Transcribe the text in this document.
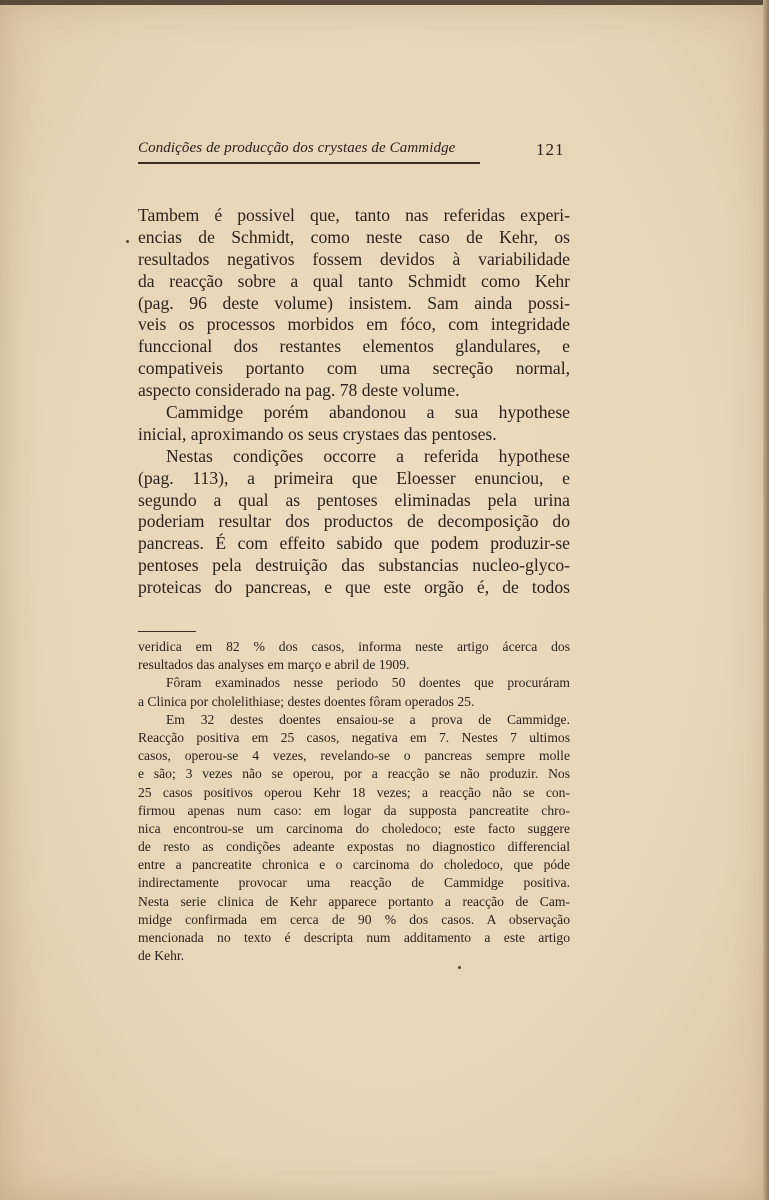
Condições de producção dos crystaes de Cammidge	121
Tambem é possivel que, tanto nas referidas experi-
encias de Schmidt, como neste caso de Kehr, os
resultados negativos fossem devidos à variabilidade
da reacção sobre a qual tanto Schmidt como Kehr
(pag. 96 deste volume) insistem. Sam ainda possi-
veis os processos morbidos em fóco, com integridade
funccional dos restantes elementos glandulares, e
compativeis portanto com uma secreção normal,
aspecto considerado na pag. 78 deste volume.
Cammidge porém abandonou a sua hypothese
inicial, aproximando os seus crystaes das pentoses.
Nestas condições occorre a referida hypothese
(pag. 113), a primeira que Eloesser enunciou, e
segundo a qual as pentoses eliminadas pela urina
poderiam resultar dos productos de decomposição do
pancreas. É com effeito sabido que podem produzir-se
pentoses pela destruição das substancias nucleo-glyco-
proteicas do pancreas, e que este orgão é, de todos
veridica em 82 % dos casos, informa neste artigo ácerca dos
resultados das analyses em março e abril de 1909.
Fôram examinados nesse periodo 50 doentes que procuráram
a Clinica por cholelithiase; destes doentes fôram operados 25.
Em 32 destes doentes ensaiou-se a prova de Cammidge.
Reacção positiva em 25 casos, negativa em 7. Nestes 7 ultimos
casos, operou-se 4 vezes, revelando-se o pancreas sempre molle
e são; 3 vezes não se operou, por a reacção se não produzir. Nos
25 casos positivos operou Kehr 18 vezes; a reacção não se con-
firmou apenas num caso: em logar da supposta pancreatite chro-
nica encontrou-se um carcinoma do choledoco; este facto suggere
de resto as condições adeante expostas no diagnostico differencial
entre a pancreatite chronica e o carcinoma do choledoco, que póde
indirectamente provocar uma reacção de Cammidge positiva.
Nesta serie clinica de Kehr apparece portanto a reacção de Cam-
midge confirmada em cerca de 90 % dos casos. A observação
mencionada no texto é descripta num additamento a este artigo
de Kehr.
